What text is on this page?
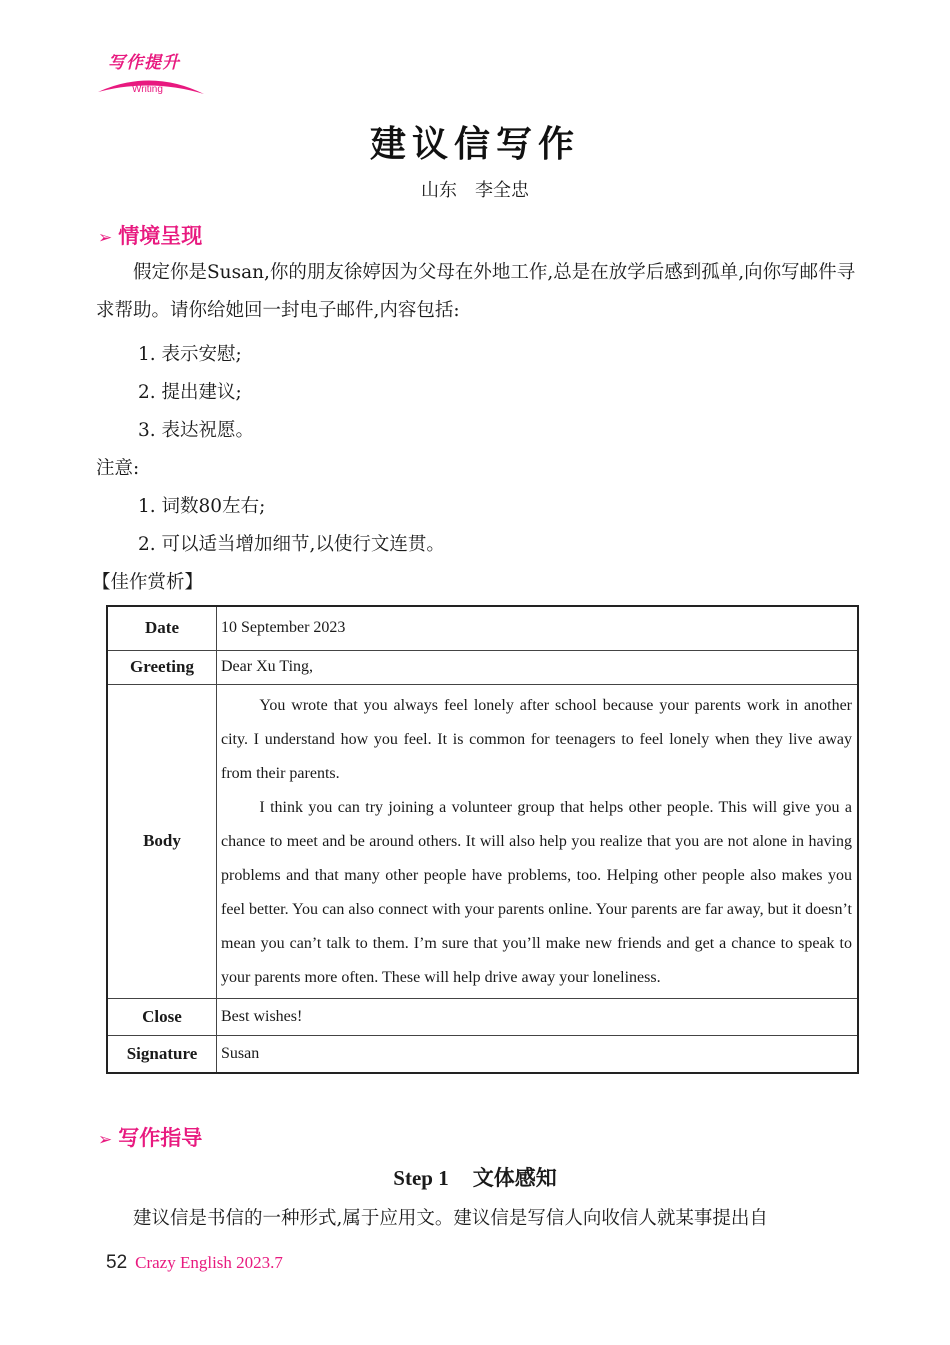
写作提升
Writing
建议信写作
山东　李全忠
➢ 情境呈现
假定你是Susan,你的朋友徐婷因为父母在外地工作,总是在放学后感到孤单,向你写邮件寻求帮助。请你给她回一封电子邮件,内容包括:
1. 表示安慰;
2. 提出建议;
3. 表达祝愿。
注意:
1. 词数80左右;
2. 可以适当增加细节,以使行文连贯。
【佳作赏析】
Date	10 September 2023
Greeting	Dear Xu Ting,
Body	You wrote that you always feel lonely after school because your parents work in another city. I understand how you feel. It is common for teenagers to feel lonely when they live away from their parents.

I think you can try joining a volunteer group that helps other people. This will give you a chance to meet and be around others. It will also help you realize that you are not alone in having problems and that many other people have problems, too. Helping other people also makes you feel better. You can also connect with your parents online. Your parents are far away, but it doesn’t mean you can’t talk to them. I’m sure that you’ll make new friends and get a chance to speak to your parents more often. These will help drive away your loneliness.

Close	Best wishes!
Signature	Susan
➢ 写作指导
Step 1 文体感知
建议信是书信的一种形式,属于应用文。建议信是写信人向收信人就某事提出自
52 Crazy English 2023.7
